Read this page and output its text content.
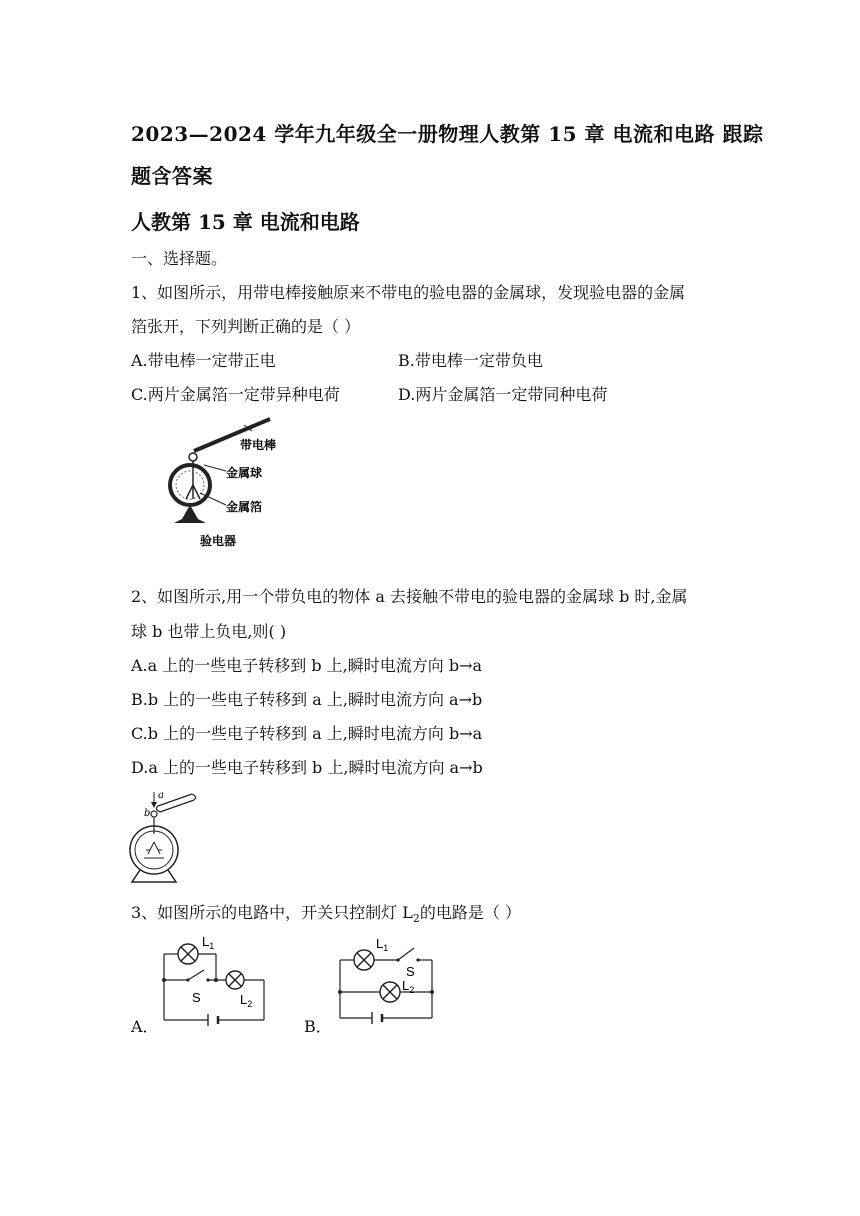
2023—2024 学年九年级全一册物理人教第 15 章 电流和电路 跟踪
题含答案
人教第 15 章 电流和电路
一、选择题。
1、如图所示，用带电棒接触原来不带电的验电器的金属球，发现验电器的金属
箔张开，下列判断正确的是（ ）
A.带电棒一定带正电	B.带电棒一定带负电
C.两片金属箔一定带异种电荷	D.两片金属箔一定带同种电荷
带电棒
金属球
金属箔
验电器
2、如图所示,用一个带负电的物体 a 去接触不带电的验电器的金属球 b 时,金属
球 b 也带上负电,则( )
A.a 上的一些电子转移到 b 上,瞬时电流方向 b→a
B.b 上的一些电子转移到 a 上,瞬时电流方向 a→b
C.b 上的一些电子转移到 a 上,瞬时电流方向 b→a
D.a 上的一些电子转移到 b 上,瞬时电流方向 a→b
a
b
3、如图所示的电路中，开关只控制灯 $L_2$的电路是（ ）
A．	B．
$L_1$
S	$L_2$
$L_1$
S
$L_2$
